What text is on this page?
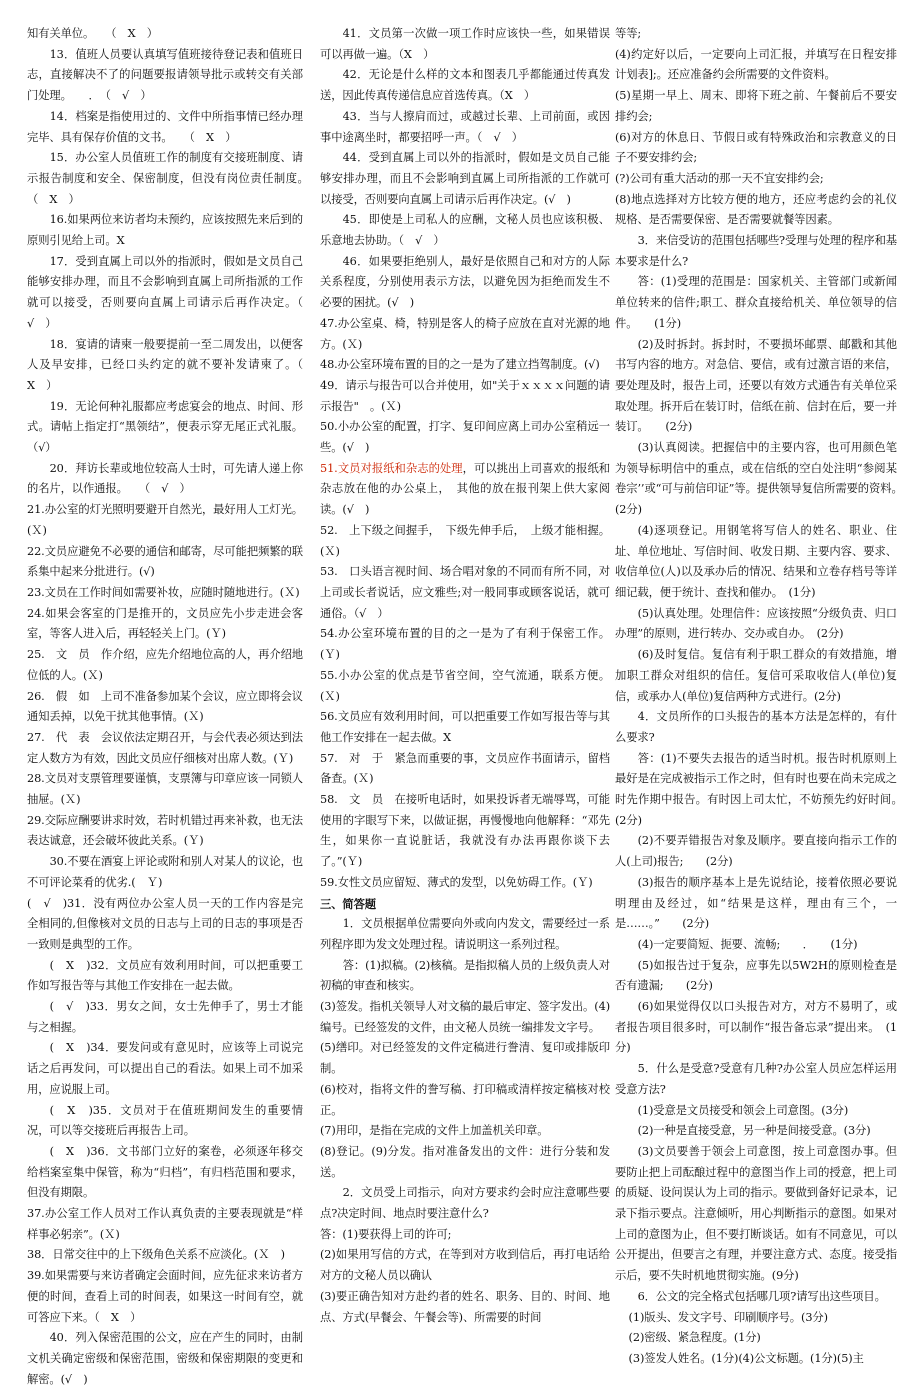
知有关单位。　　（　X　）

13．值班人员要认真填写值班接待登记表和值班日志，直接解决不了的问题要报请领导批示或转交有关部门处理。　　．　（　√　）

14．档案是指使用过的、文件中所指事情已经办理完毕、具有保存价值的文书。　　（　X　）

15．办公室人员值班工作的制度有交接班制度、请示报告制度和安全、保密制度，但没有岗位责任制度。　　（　X　）

16.如果两位来访者均未预约，应该按照先来后到的原则引见给上司。X

17．受到直属上司以外的指派时，假如是文员自己能够安排办理，而且不会影响到直属上司所指派的工作就可以接受，否则要向直属上司请示后再作决定。（　√　）

18．宴请的请柬一般要提前一至二周发出，以便客人及早安排，已经口头约定的就不要补发请柬了。（　X　）

19．无论何种礼服都应考虑宴会的地点、时间、形式。请帖上指定打“黑领结”，便表示穿无尾正式礼服。（√）

20．拜访长辈或地位较高人士时，可先请人递上你的名片，以作通报。　　（　√　）

21.办公室的灯光照明要避开自然光，最好用人工灯光。(Ｘ)

22.文员应避免不必要的通信和邮寄，尽可能把频繁的联系集中起来分批进行。(√)

23.文员在工作时间如需要补妆，应随时随地进行。(Ｘ)

24.如果会客室的门是推开的，文员应先小步走进会客室，等客人进入后，再轻轻关上门。(Ｙ)

25.　文　员　作介绍，应先介绍地位高的人，再介绍地位低的人。(Ｘ)

26.　假　如　上司不准备参加某个会议，应立即将会议通知丢掉，以免干扰其他事情。(Ｘ)

27.　代　表　会议依法定期召开，与会代表必须达到法定人数方为有效，因此文员应仔细核对出席人数。(Ｙ)

28.文员对支票管理要谨慎，支票簿与印章应该一同锁人抽屉。(Ｘ)

29.交际应酬要讲求时效，若时机错过再来补救，也无法表达诚意，还会破坏彼此关系。(Ｙ)

30.不要在酒宴上评论或附和别人对某人的议论，也不可评论菜肴的优劣.(　Ｙ)

(　√　)31．没有两位办公室人员一天的工作内容是完全相同的,但像核对文员的日志与上司的日志的事项是否一致则是典型的工作。

(　X　)32．文员应有效利用时间，可以把重要工作如写报告等与其他工作安排在一起去做。

(　√　)33．男女之间，女士先伸手了，男士才能与之相握。

(　X　)34．要发问或有意见时，应该等上司说完话之后再发问，可以提出自己的看法。如果上司不加采用，应说服上司。

(　X　)35．文员对于在值班期间发生的重要情况，可以等交接班后再报告上司。

(　X　)36．文书部门立好的案卷，必须逐年移交给档案室集中保管，称为“归档”，有归档范围和要求，但没有期限。

37.办公室工作人员对工作认真负责的主要表现就是“样样事必躬亲”。(Ｘ)

38．日常交往中的上下级角色关系不应淡化。(Ｘ　)

39.如果需要与来访者确定会面时间，应先征求来访者方便的时间，查看上司的时间表，如果这一时间有空，就可答应下来。（　X　）

40．列入保密范围的公文，应在产生的同时，由制文机关确定密级和保密范围，密级和保密期限的变更和解密。(√　)

41．文员第一次做一项工作时应该快一些，如果错误可以再做一遍。（X　）

42．无论是什么样的文本和图表几乎都能通过传真发送，因此传真传递信息应首选传真。（X　）

43．当与人擦肩而过，或越过长辈、上司前面，或因事中途离坐时，都要招呼一声。（　√　）

44．受到直属上司以外的指派时，假如是文员自己能够安排办理，而且不会影响到直属上司所指派的工作就可以接受，否则要向直属上司请示后再作决定。(√　)

45．即使是上司私人的应酬，文秘人员也应该积极、乐意地去协助。（　√　）

46．如果要拒绝别人，最好是依照自己和对方的人际关系程度，分别使用表示方法，以避免因为拒绝而发生不必要的困扰。(√　)

47.办公室桌、椅，特别是客人的椅子应放在直对光源的地方。(Ｘ)

48.办公室环境布置的目的之一是为了建立挡驾制度。(√)

49．请示与报告可以合并使用，如"关于ｘｘｘｘ问题的请示报告"　。(Ｘ)

50.小办公室的配置，打字、复印间应离上司办公室稍远一些。(√　)

51.文员对报纸和杂志的处理，可以挑出上司喜欢的报纸和杂志放在他的办公桌上，　其他的放在报刊架上供大家阅读。(√　)

52.　上下级之间握手，　下级先伸手后，　上级才能相握。(Ｘ)

53.　口头语言视时间、场合唱对象的不同而有所不同，对上司或长者说话，应文雅些;对一般同事或顾客说话，就可通俗。（√　）

54.办公室环境布置的目的之一是为了有利于保密工作。(Ｙ)

55.小办公室的优点是节省空间，空气流通，联系方便。(Ｘ)

56.文员应有效利用时间，可以把重要工作如写报告等与其他工作安排在一起去做。X

57.　对　于　紧急而重要的事，文员应作书面请示，留档备查。(Ｘ)

58.　文　员　在接听电话时，如果投诉者无端辱骂，可能使用的字眼写下来，以做证据，再慢慢地向他解释：“邓先生，如果你一直说脏话，我就没有办法再跟你谈下去了。”(Ｙ)

59.女性文员应留短、薄式的发型，以免妨碍工作。(Ｙ)

三、简答题

1．文员根据单位需要向外或向内发文，需要经过一系列程序即为发文处理过程。请说明这一系列过程。

答：(1)拟稿。(2)核稿。是指拟稿人员的上级负责人对初稿的审查和核实。

(3)签发。指机关领导人对文稿的最后审定、签字发出。(4)编号。已经签发的文件，由文秘人员统一编排发文字号。

(5)缮印。对已经签发的文件定稿进行誊清、复印或排版印制。

(6)校对，指将文件的誊写稿、打印稿或清样按定稿核对校正。

(7)用印，是指在完成的文件上加盖机关印章。

(8)登记。(9)分发。指对准备发出的文件：进行分装和发送。

2．文员受上司指示，向对方要求约会时应注意哪些要点?决定时间、地点时要注意什么?

答：(1)要获得上司的许可;

(2)如果用写信的方式，在等到对方收到信后，再打电话给对方的文秘人员以确认

(3)要正确告知对方赴约者的姓名、职务、目的、时间、地点、方式(早餐会、午餐会等)、所需要的时间

等等;

(4)约定好以后，一定要向上司汇报，并填写在日程安排计划表];。还应准备约会所需要的文件资料。

(5)星期一早上、周末、即将下班之前、午餐前后不要安排约会;

(6)对方的休息日、节假日或有特殊政治和宗教意义的日子不要安排约会;

(?)公司有重大活动的那一天不宜安排约会;

(8)地点选择对方比较方便的地方，还应考虑约会的礼仪规格、是否需要保密、是否需要就餐等因素。

3．来信受访的范围包括哪些?受理与处理的程序和基本要求是什么?

答：(1)受理的范围是：国家机关、主管部门或新闻单位转来的信件;职工、群众直接给机关、单位领导的信件。　　(1分)

(2)及时拆封。拆封时，不要损坏邮票、邮戳和其他书写内容的地方。对急信、要信，或有过激言语的来信，要处理及时，报告上司，还要以有效方式通告有关单位采取处理。拆开后在装订时，信纸在前、信封在后，要一并装订。　　(2分)

(3)认真阅读。把握信中的主要内容，也可用颜色笔为领导标明信中的重点，或在信纸的空白处注明“参阅某卷宗’’或“可与前信印证”等。提供领导复信所需要的资料。　　(2分)

(4)逐项登记。用钢笔将写信人的姓名、职业、住址、单位地址、写信时间、收发日期、主要内容、要求、收信单位(人)以及承办后的情况、结果和立卷存档号等详细记载，便于统计、查找和催办。　(1分)

(5)认真处理。处理信件：应该按照“分级负责、归口办理”的原则，进行转办、交办或自办。　(2分)

(6)及时复信。复信有利于职工群众的有效措施，增加职工群众对组织的信任。复信可采取收信人(单位)复信，或承办人(单位)复信两种方式进行。(2分)

4．文员所作的口头报告的基本方法是怎样的，有什么要求?

答：(1)不要失去报告的适当时机。报告时机原则上最好是在完成被指示工作之时，但有时也要在尚未完成之时先作期中报告。有时因上司太忙，不妨预先约好时间。　(2分)

(2)不要弄错报告对象及顺序。要直接向指示工作的人(上司)报告;　　(2分)

(3)报告的顺序基本上是先说结论，接着依照必要说明理由及经过，如“结果是这样，理由有三个，一是……。”　　(2分)

(4)一定要简短、扼要、流畅;　　．　　(1分)

(5)如报告过于复杂，应事先以5W2H的原则检查是否有遗漏;　　(2分)

(6)如果觉得仅以口头报告对方，对方不易明了，或者报告项目很多时，可以制作“报告备忘录”提出来。　(1分)

5．什么是受意?受意有几种?办公室人员应怎样运用受意方法?

(1)受意是文员接受和领会上司意图。(3分)

(2)一种是直接受意，另一种是间接受意。(3分)

(3)文员要善于领会上司意图，按上司意图办事。但要防止把上司酝酿过程中的意图当作上司的授意，把上司的质疑、设问误认为上司的指示。要做到备好记录本，记录下指示要点。注意倾听，用心判断指示的意图。如果对上司的意图为止，但不要打断谈话。如有不同意见，可以公开提出，但要言之有理，并要注意方式、态度。接受指示后，要不失时机地贯彻实施。(9分)

6．公文的完全格式包括哪几项?请写出这些项目。

(1)版头、发文字号、印刷顺序号。(3分)

(2)密级、紧急程度。(1分)

(3)签发人姓名。(1分)(4)公文标题。(1分)(5)主
